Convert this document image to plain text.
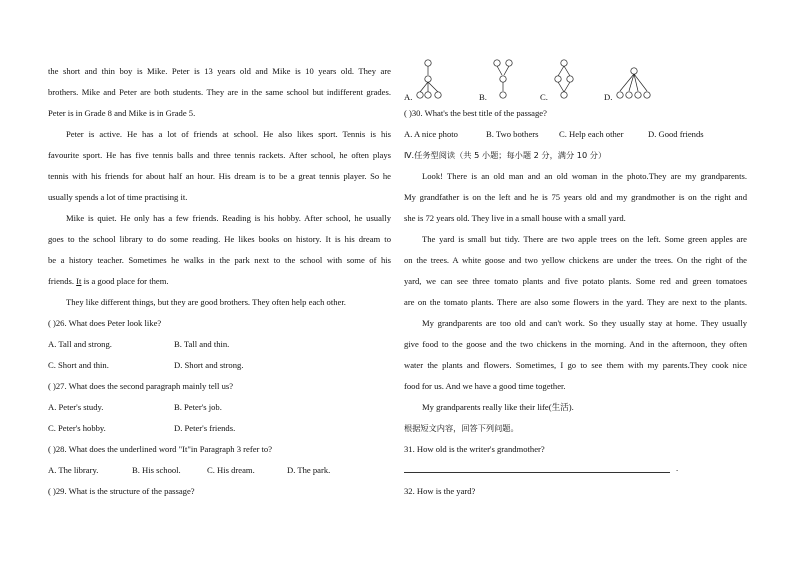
the short and thin boy is Mike. Peter is 13 years old and Mike is 10 years old. They are
brothers. Mike and Peter are both students. They are in the same school but indifferent grades.
Peter is in Grade 8 and Mike is in Grade 5.
Peter is active. He has a lot of friends at school. He also likes sport. Tennis is his
favourite sport. He has five tennis balls and three tennis rackets. After school, he often plays
tennis with his friends for about half an hour. His dream is to be a great tennis player. So he
usually spends a lot of time practising it.
Mike is quiet. He only has a few friends. Reading is his hobby. After school, he usually
goes to the school library to do some reading. He likes books on history. It is his dream to
be a history teacher. Sometimes he walks in the park next to the school with some of his
friends. It is a good place for them.
They like different things, but they are good brothers. They often help each other.
( )26. What does Peter look like?
A. Tall and strong.	B. Tall and thin.
C. Short and thin.	D. Short and strong.
( )27. What does the second paragraph mainly tell us?
A. Peter's study.	B. Peter's job.
C. Peter's hobby.	D. Peter's friends.
( )28. What does the underlined word "It"in Paragraph 3 refer to?
A. The library.	B. His school.	C. His dream.	D. The park.
( )29. What is the structure of the passage?
A.	B.	C.	D.
( )30. What's the best title of the passage?
A. A nice photo	B. Two bothers C. Help each other	D. Good friends
Ⅳ.任务型阅读（共 5 小题；每小题 2 分，满分 10 分）
Look! There is an old man and an old woman in the photo.They are my grandparents.
My grandfather is on the left and he is 75 years old and my grandmother is on the right and
she is 72 years old. They live in a small house with a small yard.
The yard is small but tidy. There are two apple trees on the left. Some green apples are
on the trees. A white goose and two yellow chickens are under the trees. On the right of the
yard, we can see three tomato plants and five potato plants. Some red and green tomatoes
are on the tomato plants. There are also some flowers in the yard. They are next to the plants.
My grandparents are too old and can't work. So they usually stay at home. They usually
give food to the goose and the two chickens in the morning. And in the afternoon, they often
water the plants and flowers. Sometimes, I go to see them with my parents.They cook nice
food for us. And we have a good time together.
My grandparents really like their life(生活).
根据短文内容，回答下列问题。
31. How old is the writer's grandmother?
.
32. How is the yard?
